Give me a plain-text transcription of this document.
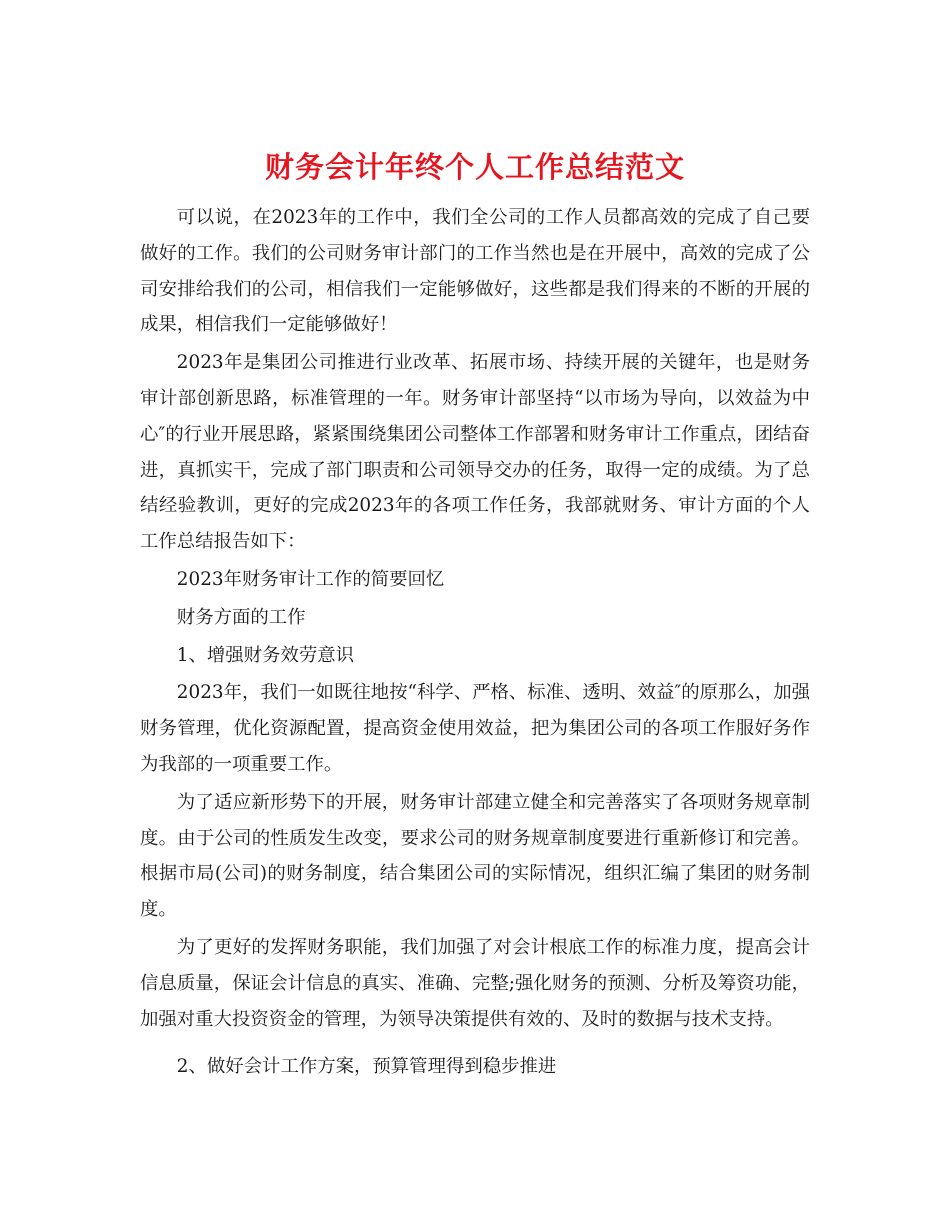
财务会计年终个人工作总结范文

可以说，在2023年的工作中，我们全公司的工作人员都高效的完成了自己要做好的工作。我们的公司财务审计部门的工作当然也是在开展中，高效的完成了公司安排给我们的公司，相信我们一定能够做好，这些都是我们得来的不断的开展的成果，相信我们一定能够做好！

2023年是集团公司推进行业改革、拓展市场、持续开展的关键年，也是财务审计部创新思路，标准管理的一年。财务审计部坚持“以市场为导向，以效益为中心″的行业开展思路，紧紧围绕集团公司整体工作部署和财务审计工作重点，团结奋进，真抓实干，完成了部门职责和公司领导交办的任务，取得一定的成绩。为了总结经验教训，更好的完成2023年的各项工作任务，我部就财务、审计方面的个人工作总结报告如下：

2023年财务审计工作的简要回忆

财务方面的工作

1、增强财务效劳意识

2023年，我们一如既往地按“科学、严格、标准、透明、效益″的原那么，加强财务管理，优化资源配置，提高资金使用效益，把为集团公司的各项工作服好务作为我部的一项重要工作。

为了适应新形势下的开展，财务审计部建立健全和完善落实了各项财务规章制度。由于公司的性质发生改变，要求公司的财务规章制度要进行重新修订和完善。根据市局(公司)的财务制度，结合集团公司的实际情况，组织汇编了集团的财务制度。

为了更好的发挥财务职能，我们加强了对会计根底工作的标准力度，提高会计信息质量，保证会计信息的真实、准确、完整;强化财务的预测、分析及筹资功能，加强对重大投资资金的管理，为领导决策提供有效的、及时的数据与技术支持。

2、做好会计工作方案，预算管理得到稳步推进
